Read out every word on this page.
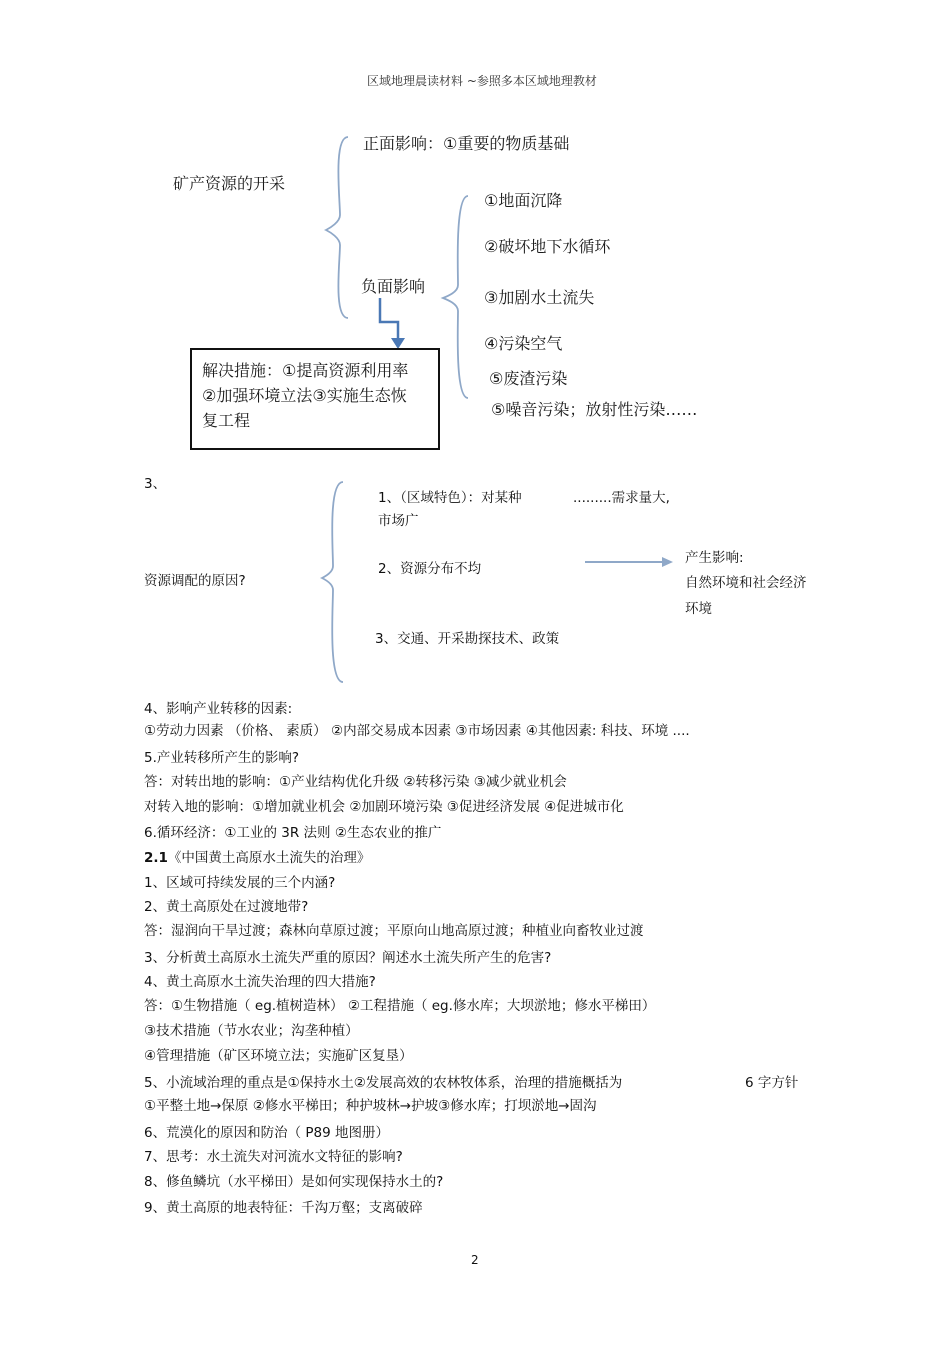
区域地理晨读材料 ~参照多本区域地理教材
矿产资源的开采
正面影响：①重要的物质基础
负面影响
①地面沉降
②破坏地下水循环
③加剧水土流失
④污染空气
⑤废渣污染
⑤噪音污染；放射性污染……
解决措施：①提高资源利用率
②加强环境立法③实施生态恢
复工程
3、
资源调配的原因?
1、（区域特色）：对某种	.........需求量大,
市场广
2、资源分布不均
产生影响:
自然环境和社会经济
环境
3、交通、开采勘探技术、政策
4、影响产业转移的因素:
①劳动力因素 （价格、 素质） ②内部交易成本因素 ③市场因素 ④其他因素: 科技、环境 ....
5.产业转移所产生的影响?
答：对转出地的影响：①产业结构优化升级 ②转移污染 ③减少就业机会
对转入地的影响：①增加就业机会 ②加剧环境污染 ③促进经济发展 ④促进城市化
6.循环经济：①工业的 3R 法则 ②生态农业的推广
2.1《中国黄土高原水土流失的治理》
1、区域可持续发展的三个内涵?
2、黄土高原处在过渡地带?
答：湿润向干旱过渡；森林向草原过渡；平原向山地高原过渡；种植业向畜牧业过渡
3、分析黄土高原水土流失严重的原因？阐述水土流失所产生的危害?
4、黄土高原水土流失治理的四大措施?
答：①生物措施（ eg.植树造林） ②工程措施（ eg.修水库；大坝淤地；修水平梯田）
③技术措施（节水农业；沟垄种植）
④管理措施（矿区环境立法；实施矿区复垦）
5、小流域治理的重点是①保持水土②发展高效的农林牧体系，治理的措施概括为	6 字方针
①平整土地→保原 ②修水平梯田；种护坡林→护坡③修水库；打坝淤地→固沟
6、荒漠化的原因和防治（ P89 地图册）
7、思考：水土流失对河流水文特征的影响?
8、修鱼鳞坑（水平梯田）是如何实现保持水土的?
9、黄土高原的地表特征：千沟万壑；支离破碎
2
